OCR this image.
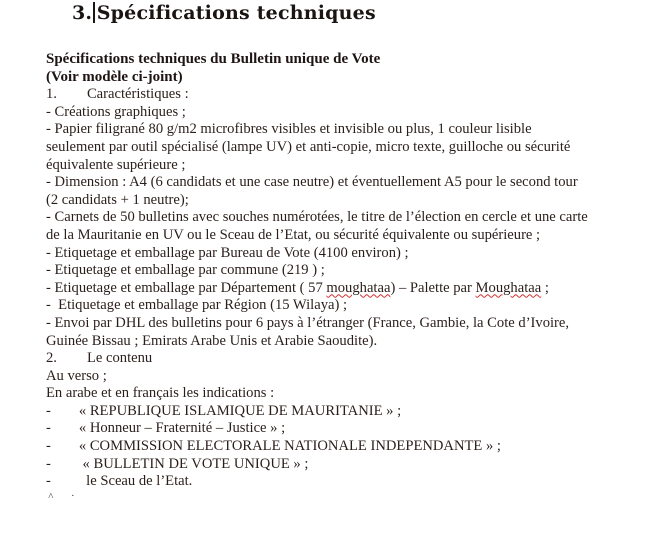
3. Spécifications techniques
Spécifications techniques du Bulletin unique de Vote
(Voir modèle ci-joint)
1. Caractéristiques :
- Créations graphiques ;
- Papier filigrané 80 g/m2 microfibres visibles et invisible ou plus, 1 couleur lisible
seulement par outil spécialisé (lampe UV) et anti-copie, micro texte, guilloche ou sécurité
équivalente supérieure ;
- Dimension : A4 (6 candidats et une case neutre) et éventuellement A5 pour le second tour
(2 candidats + 1 neutre);
- Carnets de 50 bulletins avec souches numérotées, le titre de l’élection en cercle et une carte
de la Mauritanie en UV ou le Sceau de l’Etat, ou sécurité équivalente ou supérieure ;
- Etiquetage et emballage par Bureau de Vote (4100 environ) ;
- Etiquetage et emballage par commune (219 ) ;
- Etiquetage et emballage par Département ( 57 moughataa) – Palette par Moughataa ;
-  Etiquetage et emballage par Région (15 Wilaya) ;
- Envoi par DHL des bulletins pour 6 pays à l’étranger (France, Gambie, la Cote d’Ivoire,
Guinée Bissau ; Emirats Arabe Unis et Arabie Saoudite).
2. Le contenu
Au verso ;
En arabe et en français les indications :
- « REPUBLIQUE ISLAMIQUE DE MAURITANIE » ;
- « Honneur – Fraternité – Justice » ;
- « COMMISSION ELECTORALE NATIONALE INDEPENDANTE » ;
- « BULLETIN DE VOTE UNIQUE » ;
-  le Sceau de l’Etat.
˄       ·
